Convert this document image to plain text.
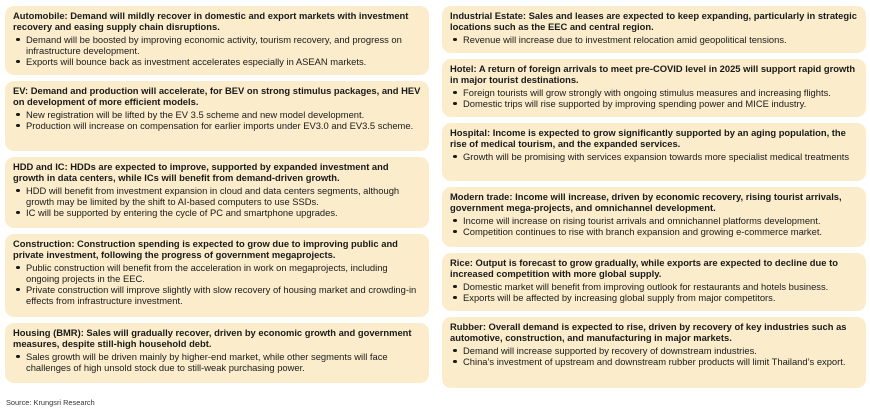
Automobile: Demand will mildly recover in domestic and export markets with investment recovery and easing supply chain disruptions.
Demand will be boosted by improving economic activity, tourism recovery, and progress on infrastructure development.
Exports will bounce back as investment accelerates especially in ASEAN markets.
EV: Demand and production will accelerate, for BEV on strong stimulus packages, and HEV on development of more efficient models.
New registration will be lifted by the EV 3.5 scheme and new model development.
Production will increase on compensation for earlier imports under EV3.0 and EV3.5 scheme.
HDD and IC: HDDs are expected to improve, supported by expanded investment and growth in data centers, while ICs will benefit from demand-driven growth.
HDD will benefit from investment expansion in cloud and data centers segments, although growth may be limited by the shift to AI-based computers to use SSDs.
IC will be supported by entering the cycle of PC and smartphone upgrades.
Construction: Construction spending is expected to grow due to improving public and private investment, following the progress of government megaprojects.
Public construction will benefit from the acceleration in work on megaprojects, including ongoing projects in the EEC.
Private construction will improve slightly with slow recovery of housing market and crowding-in effects from infrastructure investment.
Housing (BMR): Sales will gradually recover, driven by economic growth and government measures, despite still-high household debt.
Sales growth will be driven mainly by higher-end market, while other segments will face challenges of high unsold stock due to still-weak purchasing power.
Industrial Estate: Sales and leases are expected to keep expanding, particularly in strategic locations such as the EEC and central region.
Revenue will increase due to investment relocation amid geopolitical tensions.
Hotel: A return of foreign arrivals to meet pre-COVID level in 2025 will support rapid growth in major tourist destinations.
Foreign tourists will grow strongly with ongoing stimulus measures and increasing flights.
Domestic trips will rise supported by improving spending power and MICE industry.
Hospital: Income is expected to grow significantly supported by an aging population, the rise of medical tourism, and the expanded services.
Growth will be promising with services expansion towards more specialist medical treatments
Modern trade: Income will increase, driven by economic recovery, rising tourist arrivals, government mega-projects, and omnichannel development.
Income will increase on rising tourist arrivals and omnichannel platforms development.
Competition continues to rise with branch expansion and growing e-commerce market.
Rice: Output is forecast to grow gradually, while exports are expected to decline due to increased competition with more global supply.
Domestic market will benefit from improving outlook for restaurants and hotels business.
Exports will be affected by increasing global supply from major competitors.
Rubber: Overall demand is expected to rise, driven by recovery of key industries such as automotive, construction, and manufacturing in major markets.
Demand will increase supported by recovery of downstream industries.
China’s investment of upstream and downstream rubber products will limit Thailand’s export.
Source: Krungsri Research
